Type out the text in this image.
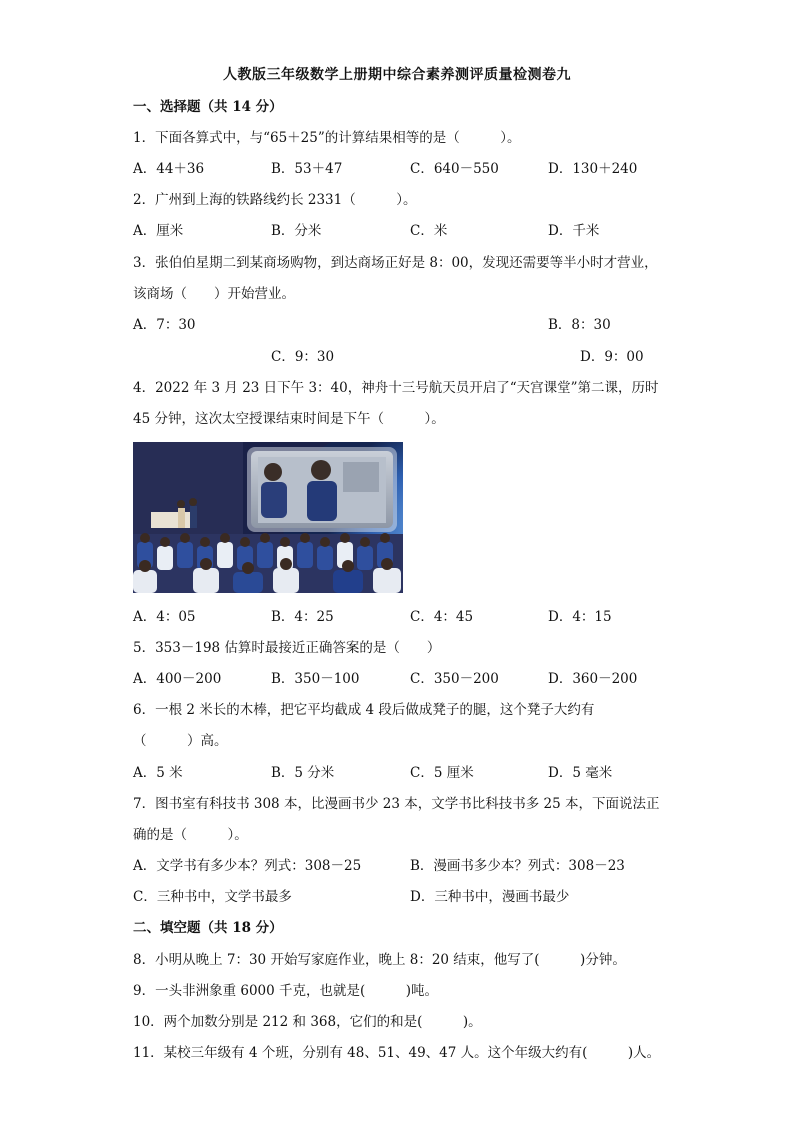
人教版三年级数学上册期中综合素养测评质量检测卷九
一、选择题（共 14 分）
1．下面各算式中，与“65＋25”的计算结果相等的是（　　　）。
A．44＋36	B．53＋47	C．640－550	D．130＋240
2．广州到上海的铁路线约长 2331（　　　）。
A．厘米	B．分米	C．米	D．千米
3．张伯伯星期二到某商场购物，到达商场正好是 8：00，发现还需要等半小时才营业，
该商场（　　）开始营业。
A．7：30	B．8：30
C．9：30	D．9：00
4．2022 年 3 月 23 日下午 3：40，神舟十三号航天员开启了“天宫课堂”第二课，历时
45 分钟，这次太空授课结束时间是下午（　　　）。
A．4：05	B．4：25	C．4：45	D．4：15
5．353－198 估算时最接近正确答案的是（　　）
A．400－200	B．350－100	C．350－200	D．360－200
6．一根 2 米长的木棒，把它平均截成 4 段后做成凳子的腿，这个凳子大约有
（　　　）高。
A．5 米	B．5 分米	C．5 厘米	D．5 毫米
7．图书室有科技书 308 本，比漫画书少 23 本，文学书比科技书多 25 本，下面说法正
确的是（　　　）。
A．文学书有多少本？列式：308－25	B．漫画书多少本？列式：308－23
C．三种书中，文学书最多	D．三种书中，漫画书最少
二、填空题（共 18 分）
8．小明从晚上 7：30 开始写家庭作业，晚上 8：20 结束，他写了(　　　)分钟。
9．一头非洲象重 6000 千克，也就是(　　　)吨。
10．两个加数分别是 212 和 368，它们的和是(　　　)。
11．某校三年级有 4 个班，分别有 48、51、49、47 人。这个年级大约有(　　　)人。
